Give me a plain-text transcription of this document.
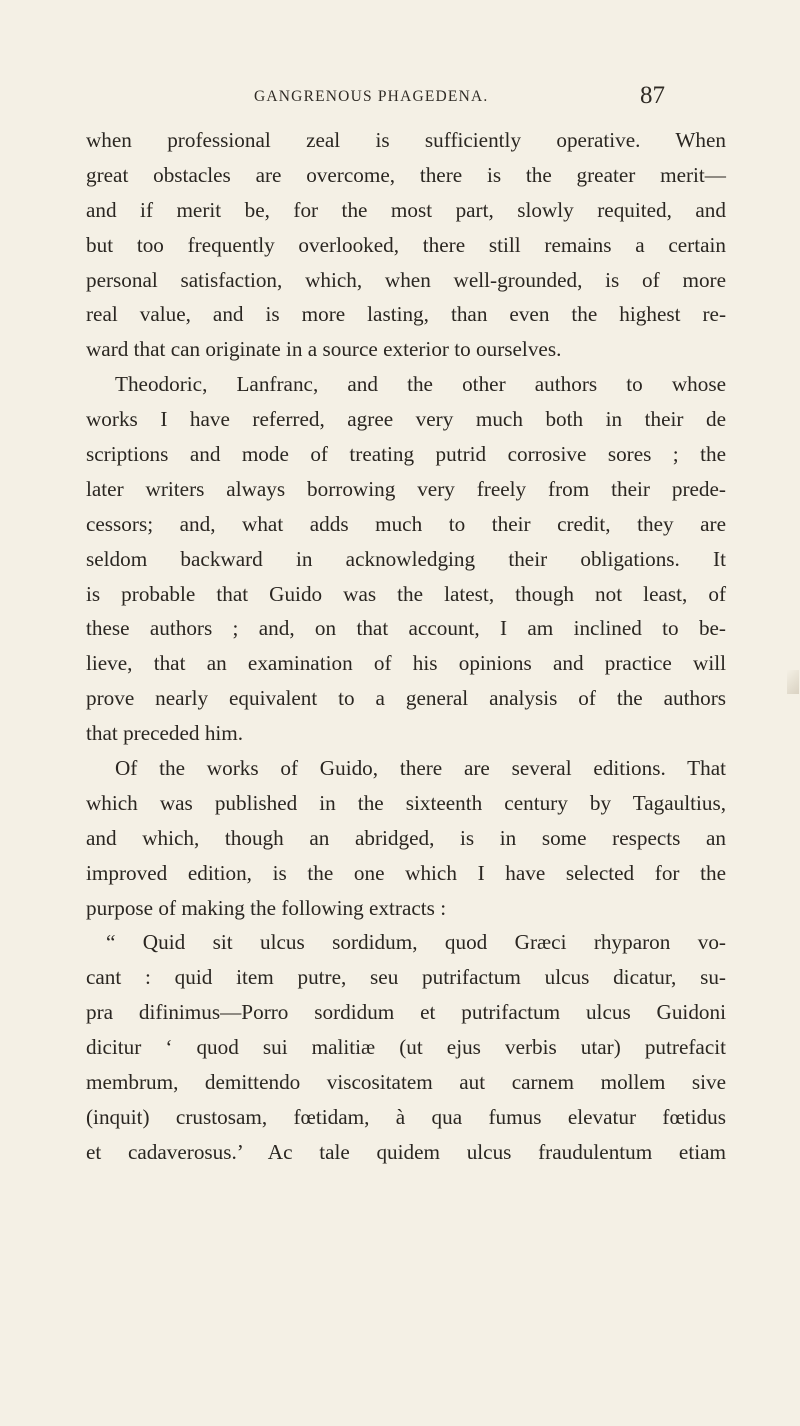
GANGRENOUS PHAGEDENA.	87
when professional zeal is sufficiently operative. When
great obstacles are overcome, there is the greater merit—
and if merit be, for the most part, slowly requited, and
but too frequently overlooked, there still remains a certain
personal satisfaction, which, when well-grounded, is of more
real value, and is more lasting, than even the highest re-
ward that can originate in a source exterior to ourselves.
Theodoric, Lanfranc, and the other authors to whose
works I have referred, agree very much both in their de
scriptions and mode of treating putrid corrosive sores ; the
later writers always borrowing very freely from their prede-
cessors; and, what adds much to their credit, they are
seldom backward in acknowledging their obligations. It
is probable that Guido was the latest, though not least, of
these authors ; and, on that account, I am inclined to be-
lieve, that an examination of his opinions and practice will
prove nearly equivalent to a general analysis of the authors
that preceded him.
Of the works of Guido, there are several editions. That
which was published in the sixteenth century by Tagaultius,
and which, though an abridged, is in some respects an
improved edition, is the one which I have selected for the
purpose of making the following extracts :
“ Quid sit ulcus sordidum, quod Græci rhyparon vo-
cant : quid item putre, seu putrifactum ulcus dicatur, su-
pra difinimus—Porro sordidum et putrifactum ulcus Guidoni
dicitur ‘ quod sui malitiæ (ut ejus verbis utar) putrefacit
membrum, demittendo viscositatem aut carnem mollem sive
(inquit) crustosam, fœtidam, à qua fumus elevatur fœtidus
et cadaverosus.’ Ac tale quidem ulcus fraudulentum etiam
